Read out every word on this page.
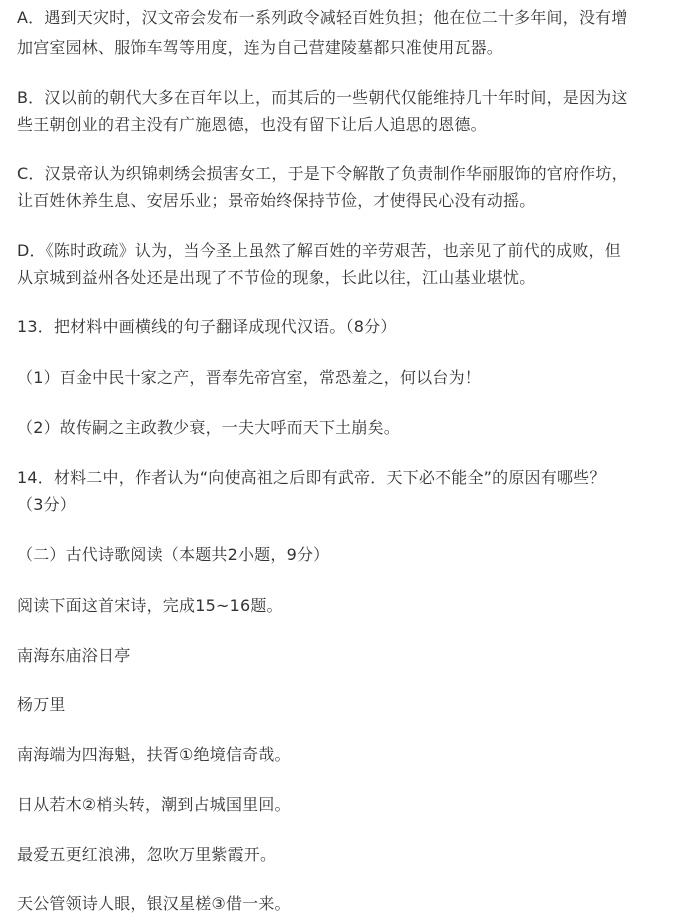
A．遇到天灾时，汉文帝会发布一系列政令减轻百姓负担；他在位二十多年间，没有增
加宫室园林、服饰车驾等用度，连为自己营建陵墓都只准使用瓦器。
B．汉以前的朝代大多在百年以上，而其后的一些朝代仅能维持几十年时间，是因为这
些王朝创业的君主没有广施恩德，也没有留下让后人追思的恩德。
C．汉景帝认为织锦刺绣会损害女工，于是下令解散了负责制作华丽服饰的官府作坊，
让百姓休养生息、安居乐业；景帝始终保持节俭，才使得民心没有动摇。
D．《陈时政疏》认为，当今圣上虽然了解百姓的辛劳艰苦，也亲见了前代的成败，但
从京城到益州各处还是出现了不节俭的现象，长此以往，江山基业堪忧。
13．把材料中画横线的句子翻译成现代汉语。（8分）
（1）百金中民十家之产，晋奉先帝宫室，常恐羞之，何以台为！
（2）故传嗣之主政教少衰，一夫大呼而天下土崩矣。
14．材料二中，作者认为“向使高祖之后即有武帝．天下必不能全”的原因有哪些？
（3分）
（二）古代诗歌阅读（本题共2小题，9分）
阅读下面这首宋诗，完成15~16题。
南海东庙浴日亭
杨万里
南海端为四海魁，扶胥①绝境信奇哉。
日从若木②梢头转，潮到占城国里回。
最爱五更红浪沸，忽吹万里紫霞开。
天公管领诗人眼，银汉星槎③借一来。
